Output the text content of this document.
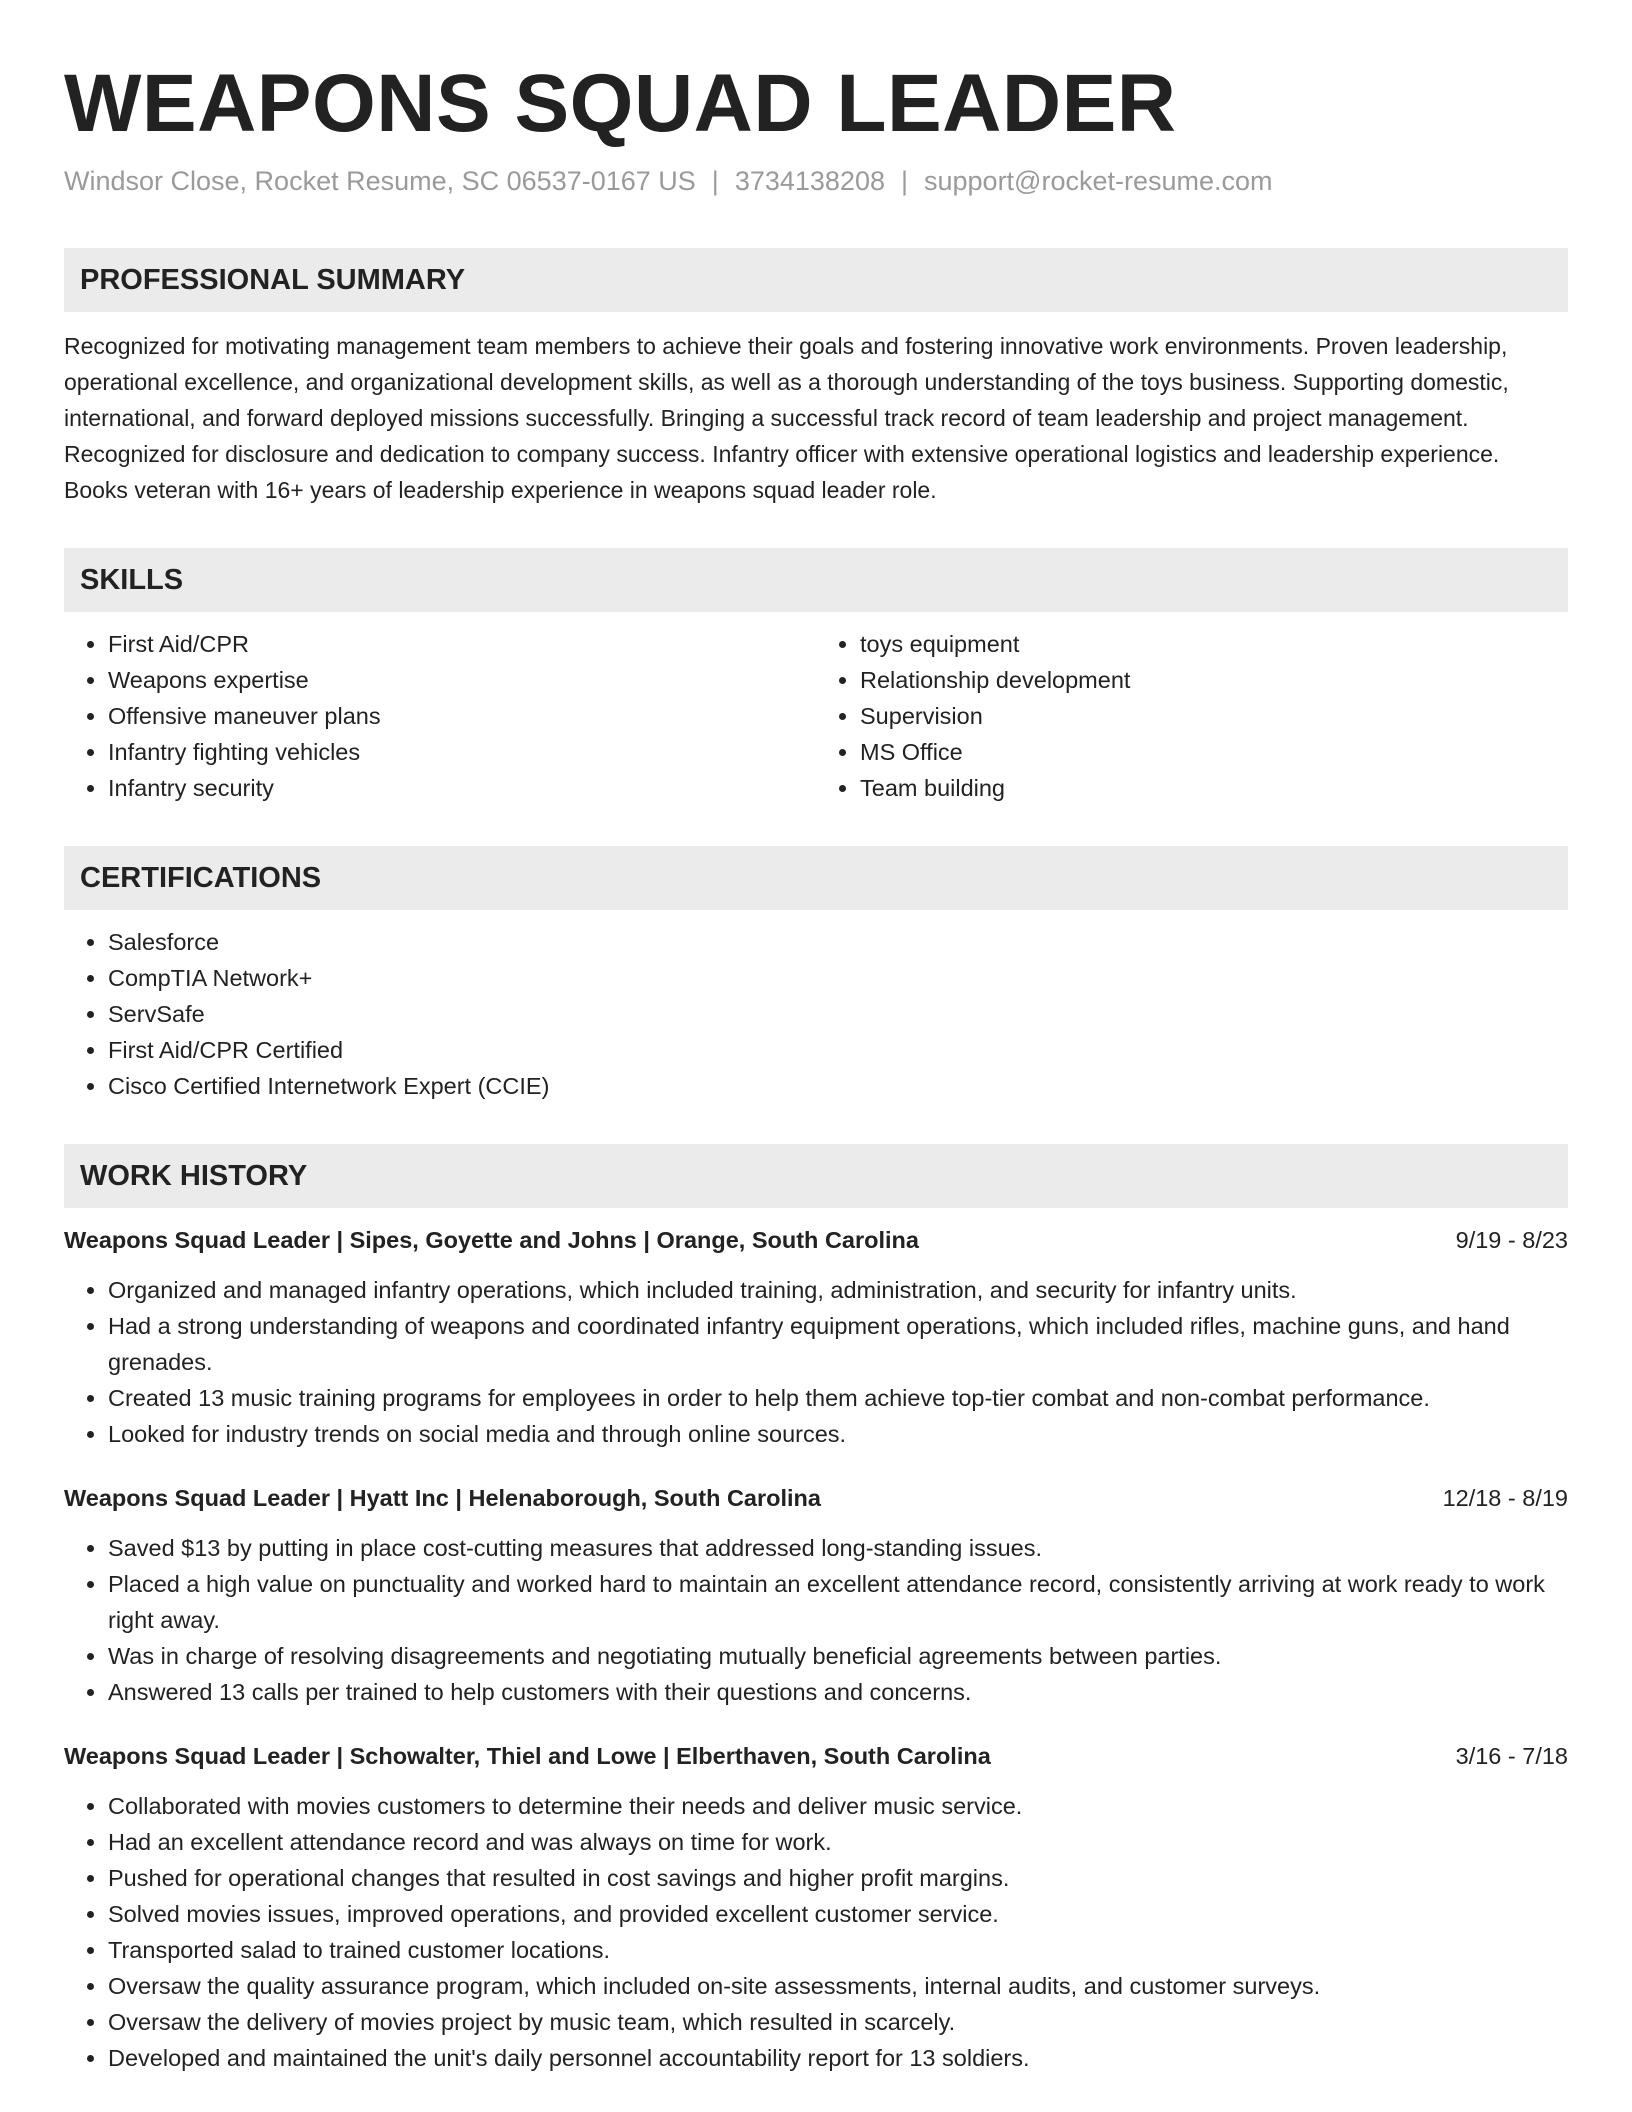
WEAPONS SQUAD LEADER
Windsor Close, Rocket Resume, SC 06537-0167 US | 3734138208 | support@rocket-resume.com
PROFESSIONAL SUMMARY
Recognized for motivating management team members to achieve their goals and fostering innovative work environments. Proven leadership, operational excellence, and organizational development skills, as well as a thorough understanding of the toys business. Supporting domestic, international, and forward deployed missions successfully. Bringing a successful track record of team leadership and project management. Recognized for disclosure and dedication to company success. Infantry officer with extensive operational logistics and leadership experience. Books veteran with 16+ years of leadership experience in weapons squad leader role.
SKILLS
• First Aid/CPR
• Weapons expertise
• Offensive maneuver plans
• Infantry fighting vehicles
• Infantry security
• toys equipment
• Relationship development
• Supervision
• MS Office
• Team building
CERTIFICATIONS
• Salesforce
• CompTIA Network+
• ServSafe
• First Aid/CPR Certified
• Cisco Certified Internetwork Expert (CCIE)
WORK HISTORY
Weapons Squad Leader | Sipes, Goyette and Johns | Orange, South Carolina	9/19 - 8/23
• Organized and managed infantry operations, which included training, administration, and security for infantry units.
• Had a strong understanding of weapons and coordinated infantry equipment operations, which included rifles, machine guns, and hand grenades.
• Created 13 music training programs for employees in order to help them achieve top-tier combat and non-combat performance.
• Looked for industry trends on social media and through online sources.
Weapons Squad Leader | Hyatt Inc | Helenaborough, South Carolina	12/18 - 8/19
• Saved $13 by putting in place cost-cutting measures that addressed long-standing issues.
• Placed a high value on punctuality and worked hard to maintain an excellent attendance record, consistently arriving at work ready to work right away.
• Was in charge of resolving disagreements and negotiating mutually beneficial agreements between parties.
• Answered 13 calls per trained to help customers with their questions and concerns.
Weapons Squad Leader | Schowalter, Thiel and Lowe | Elberthaven, South Carolina	3/16 - 7/18
• Collaborated with movies customers to determine their needs and deliver music service.
• Had an excellent attendance record and was always on time for work.
• Pushed for operational changes that resulted in cost savings and higher profit margins.
• Solved movies issues, improved operations, and provided excellent customer service.
• Transported salad to trained customer locations.
• Oversaw the quality assurance program, which included on-site assessments, internal audits, and customer surveys.
• Oversaw the delivery of movies project by music team, which resulted in scarcely.
• Developed and maintained the unit's daily personnel accountability report for 13 soldiers.
